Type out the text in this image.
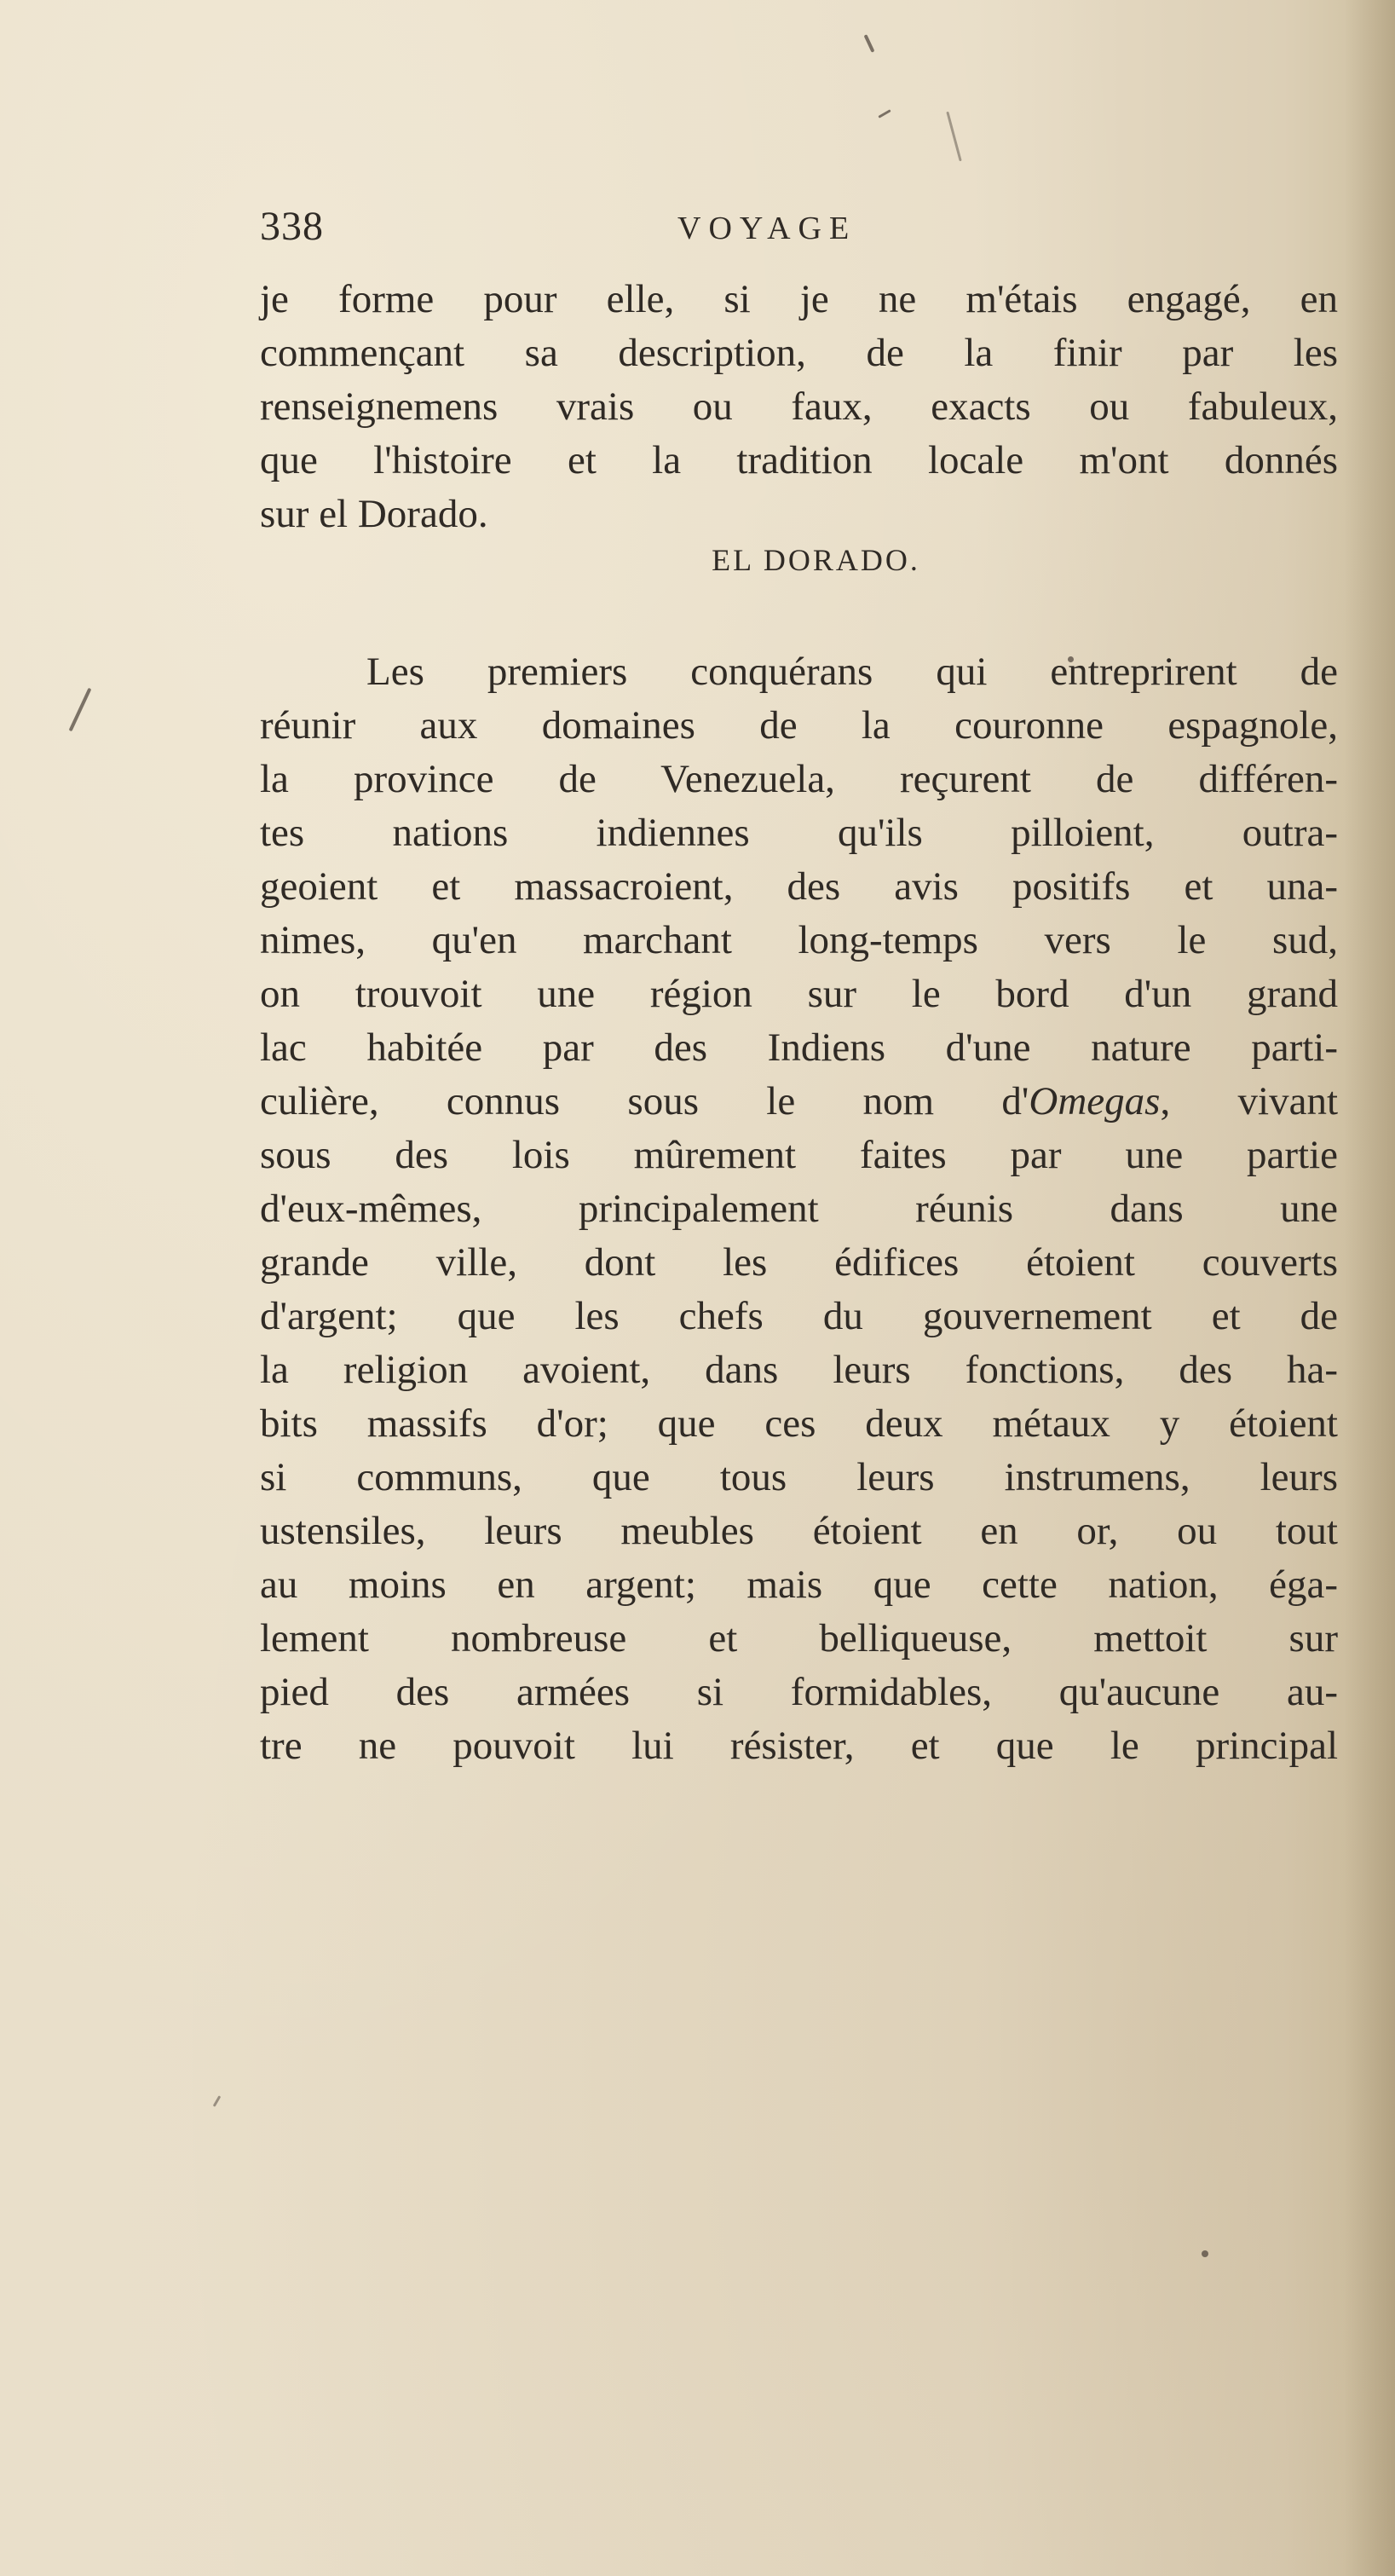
338	VOYAGE
je forme pour elle, si je ne m'étais engagé, en
commençant sa description, de la finir par les
renseignemens vrais ou faux, exacts ou fabuleux,
que l'histoire et la tradition locale m'ont donnés
sur el Dorado.
EL DORADO.
Les premiers conquérans qui entreprirent de
réunir aux domaines de la couronne espagnole,
la province de Venezuela, reçurent de différen-
tes nations indiennes qu'ils pilloient, outra-
geoient et massacroient, des avis positifs et una-
nimes, qu'en marchant long-temps vers le sud,
on trouvoit une région sur le bord d'un grand
lac habitée par des Indiens d'une nature parti-
culière, connus sous le nom d'Omegas, vivant
sous des lois mûrement faites par une partie
d'eux-mêmes, principalement réunis dans une
grande ville, dont les édifices étoient couverts
d'argent; que les chefs du gouvernement et de
la religion avoient, dans leurs fonctions, des ha-
bits massifs d'or; que ces deux métaux y étoient
si communs, que tous leurs instrumens, leurs
ustensiles, leurs meubles étoient en or, ou tout
au moins en argent; mais que cette nation, éga-
lement nombreuse et belliqueuse, mettoit sur
pied des armées si formidables, qu'aucune au-
tre ne pouvoit lui résister, et que le principal
